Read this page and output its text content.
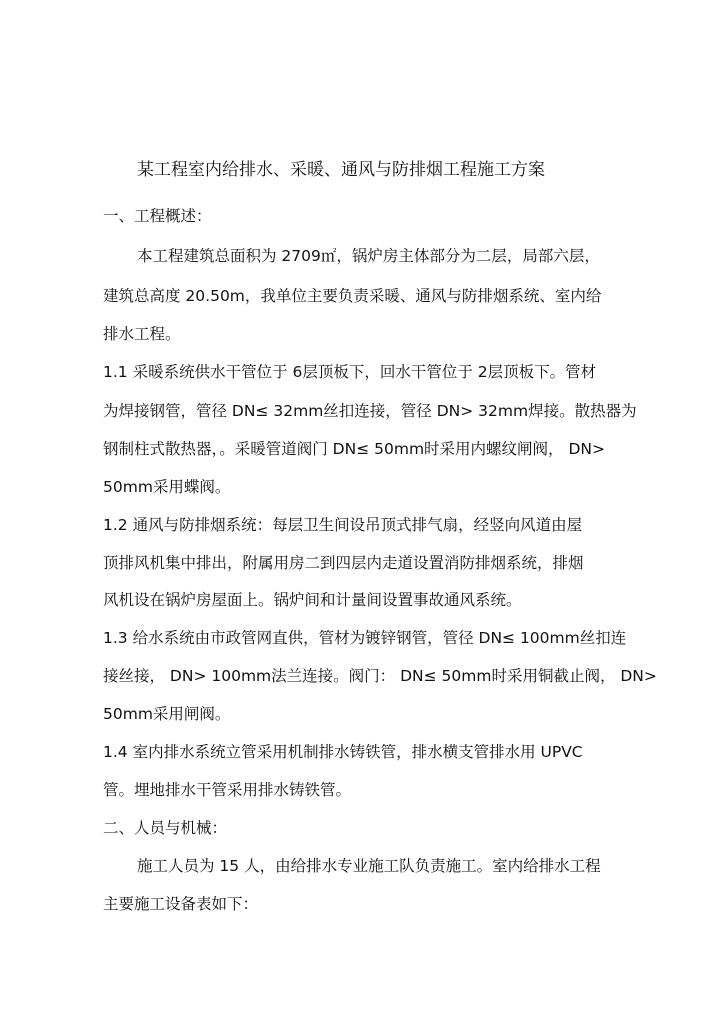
某工程室内给排水、采暖、通风与防排烟工程施工方案
一、工程概述：
本工程建筑总面积为 2709㎡，锅炉房主体部分为二层，局部六层，
建筑总高度 20.50m，我单位主要负责采暖、通风与防排烟系统、室内给
排水工程。
1.1 采暖系统供水干管位于 6层顶板下，回水干管位于 2层顶板下。管材
为焊接钢管，管径 DN≤ 32mm丝扣连接，管径 DN> 32mm焊接。散热器为
钢制柱式散热器，。采暖管道阀门 DN≤ 50mm时采用内螺纹闸阀， DN>
50mm采用蝶阀。
1.2 通风与防排烟系统：每层卫生间设吊顶式排气扇，经竖向风道由屋
顶排风机集中排出，附属用房二到四层内走道设置消防排烟系统，排烟
风机设在锅炉房屋面上。锅炉间和计量间设置事故通风系统。
1.3 给水系统由市政管网直供，管材为镀锌钢管，管径 DN≤ 100mm丝扣连
接丝接， DN> 100mm法兰连接。阀门： DN≤ 50mm时采用铜截止阀， DN>
50mm采用闸阀。
1.4 室内排水系统立管采用机制排水铸铁管，排水横支管排水用 UPVC
管。埋地排水干管采用排水铸铁管。
二、人员与机械：
施工人员为 15 人，由给排水专业施工队负责施工。室内给排水工程
主要施工设备表如下：
